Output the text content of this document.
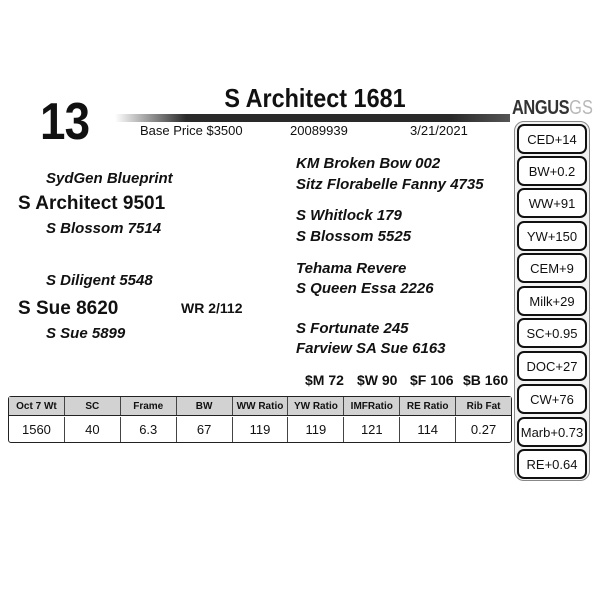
13	S Architect 1681
Base Price $3500	20089939	3/21/2021
ANGUSGS
SydGen Blueprint
S Architect 9501
S Blossom 7514
KM Broken Bow 002
Sitz Florabelle Fanny 4735
S Whitlock 179
S Blossom 5525
S Diligent 5548
S Sue 8620	WR 2/112
S Sue 5899
Tehama Revere
S Queen Essa 2226
S Fortunate 245
Farview SA Sue 6163
$M 72 $W 90 $F 106 $B 160
Oct 7 Wt	SC	Frame	BW	WW Ratio	YW Ratio	IMFRatio	RE Ratio	Rib Fat
1560	40	6.3	67	119	119	121	114	0.27
CED+14
BW+0.2
WW+91
YW+150
CEM+9
Milk+29
SC+0.95
DOC+27
CW+76
Marb+0.73
RE+0.64
